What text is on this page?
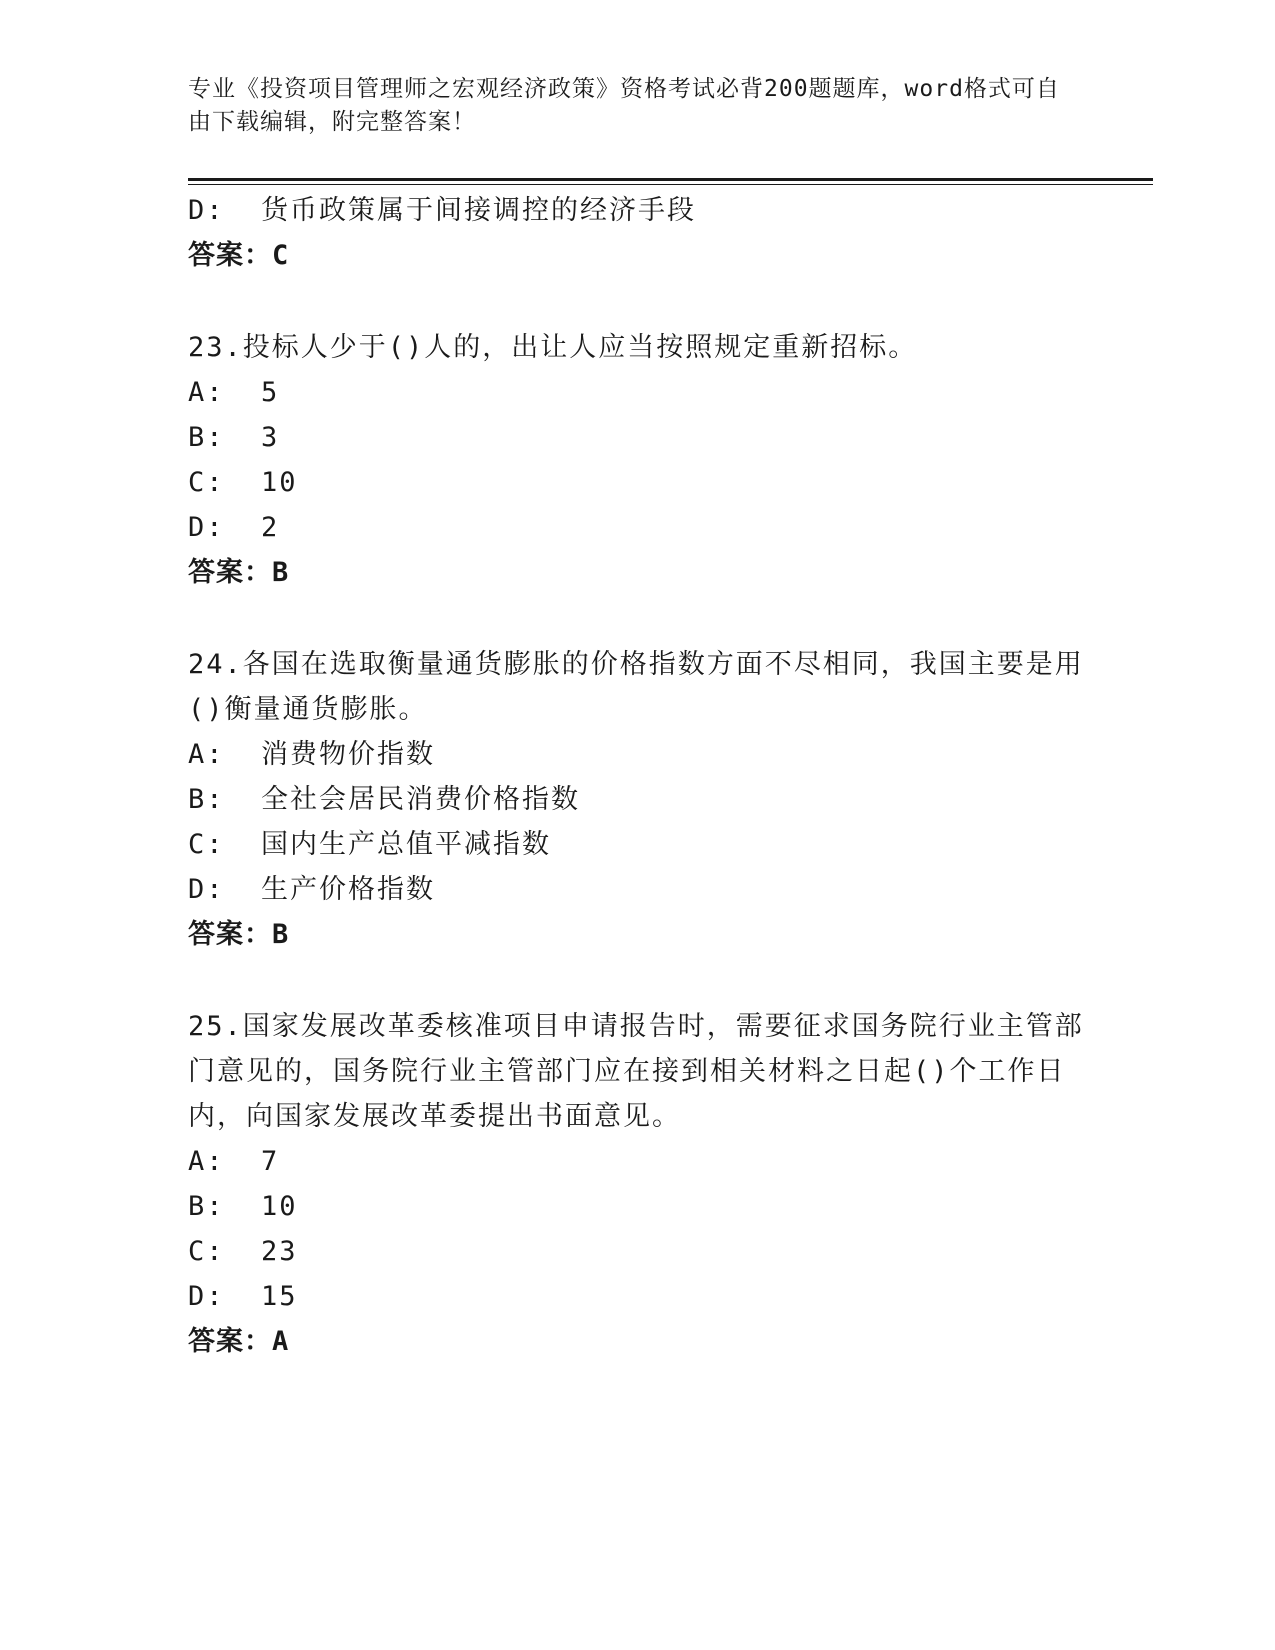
专业《投资项目管理师之宏观经济政策》资格考试必背200题题库，word格式可自由下载编辑，附完整答案！
D:  货币政策属于间接调控的经济手段
答案：C
23.投标人少于()人的，出让人应当按照规定重新招标。
A:  5
B:  3
C:  10
D:  2
答案：B
24.各国在选取衡量通货膨胀的价格指数方面不尽相同，我国主要是用()衡量通货膨胀。
A:  消费物价指数
B:  全社会居民消费价格指数
C:  国内生产总值平减指数
D:  生产价格指数
答案：B
25.国家发展改革委核准项目申请报告时，需要征求国务院行业主管部门意见的，国务院行业主管部门应在接到相关材料之日起()个工作日内，向国家发展改革委提出书面意见。
A:  7
B:  10
C:  23
D:  15
答案：A
